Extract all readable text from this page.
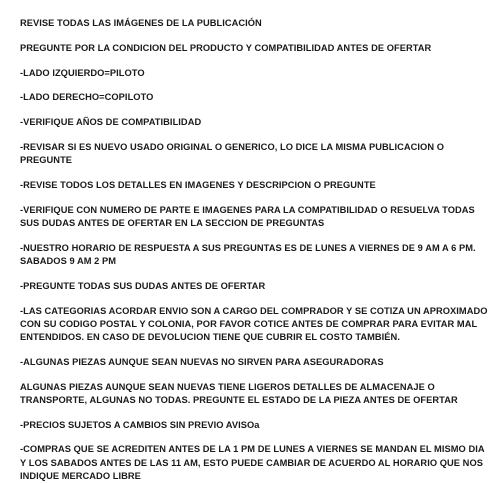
REVISE TODAS LAS IMÁGENES DE LA PUBLICACIÓN

PREGUNTE POR LA CONDICION DEL PRODUCTO Y COMPATIBILIDAD ANTES DE OFERTAR

-LADO IZQUIERDO=PILOTO

-LADO DERECHO=COPILOTO

-VERIFIQUE AÑOS DE COMPATIBILIDAD

-REVISAR SI ES NUEVO USADO ORIGINAL O GENERICO, LO DICE LA MISMA PUBLICACION O PREGUNTE

-REVISE TODOS LOS DETALLES EN IMAGENES Y DESCRIPCION O PREGUNTE

-VERIFIQUE CON NUMERO DE PARTE E IMAGENES PARA LA COMPATIBILIDAD O RESUELVA TODAS SUS DUDAS ANTES DE OFERTAR EN LA SECCION DE PREGUNTAS

-NUESTRO HORARIO DE RESPUESTA A SUS PREGUNTAS ES DE LUNES A VIERNES DE 9 AM A 6 PM. SABADOS 9 AM 2 PM

-PREGUNTE TODAS SUS DUDAS ANTES DE OFERTAR

-LAS CATEGORIAS ACORDAR ENVIO SON A CARGO DEL COMPRADOR Y SE COTIZA UN APROXIMADO CON SU CODIGO POSTAL Y COLONIA, POR FAVOR COTICE ANTES DE COMPRAR PARA EVITAR MAL ENTENDIDOS. EN CASO DE DEVOLUCION TIENE QUE CUBRIR EL COSTO TAMBIÉN.

-ALGUNAS PIEZAS AUNQUE SEAN NUEVAS NO SIRVEN PARA ASEGURADORAS

ALGUNAS PIEZAS AUNQUE SEAN NUEVAS TIENE LIGEROS DETALLES DE ALMACENAJE O TRANSPORTE, ALGUNAS NO TODAS. PREGUNTE EL ESTADO DE LA PIEZA ANTES DE OFERTAR

-PRECIOS SUJETOS A CAMBIOS SIN PREVIO AVISOa

-COMPRAS QUE SE ACREDITEN ANTES DE LA 1 PM DE LUNES A VIERNES SE MANDAN EL MISMO DIA Y LOS SABADOS ANTES DE LAS 11 AM, ESTO PUEDE CAMBIAR DE ACUERDO AL HORARIO QUE NOS INDIQUE MERCADO LIBRE
